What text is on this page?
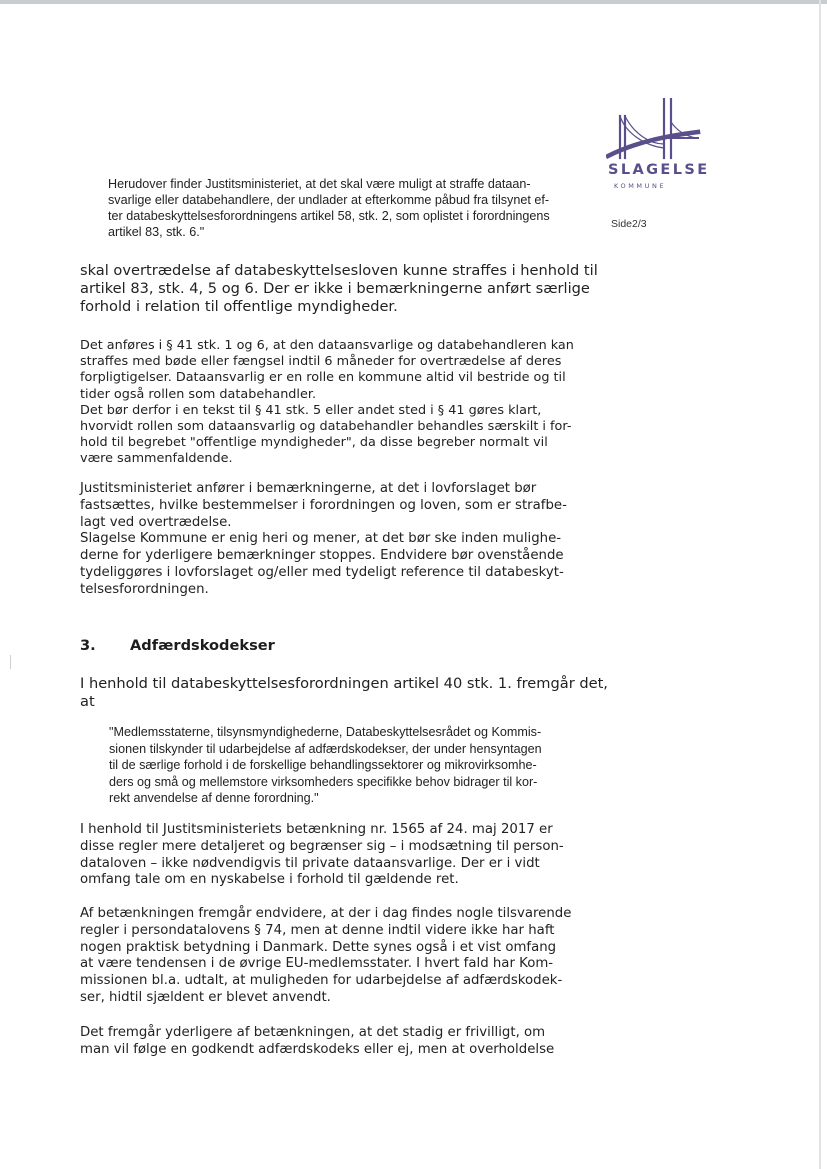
SLAGELSE
KOMMUNE
Side2/3

Herudover finder Justitsministeriet, at det skal være muligt at straffe dataan-
svarlige eller databehandlere, der undlader at efterkomme påbud fra tilsynet ef-
ter databeskyttelsesforordningens artikel 58, stk. 2, som oplistet i forordningens
artikel 83, stk. 6."

skal overtrædelse af databeskyttelsesloven kunne straffes i henhold til
artikel 83, stk. 4, 5 og 6. Der er ikke i bemærkningerne anført særlige
forhold i relation til offentlige myndigheder.

Det anføres i § 41 stk. 1 og 6, at den dataansvarlige og databehandleren kan
straffes med bøde eller fængsel indtil 6 måneder for overtrædelse af deres
forpligtigelser. Dataansvarlig er en rolle en kommune altid vil bestride og til
tider også rollen som databehandler.
Det bør derfor i en tekst til § 41 stk. 5 eller andet sted i § 41 gøres klart,
hvorvidt rollen som dataansvarlig og databehandler behandles særskilt i for-
hold til begrebet "offentlige myndigheder", da disse begreber normalt vil
være sammenfaldende.

Justitsministeriet anfører i bemærkningerne, at det i lovforslaget bør
fastsættes, hvilke bestemmelser i forordningen og loven, som er strafbe-
lagt ved overtrædelse.
Slagelse Kommune er enig heri og mener, at det bør ske inden mulighe-
derne for yderligere bemærkninger stoppes. Endvidere bør ovenstående
tydeliggøres i lovforslaget og/eller med tydeligt reference til databeskyt-
telsesforordningen.

3. Adfærdskodekser

I henhold til databeskyttelsesforordningen artikel 40 stk. 1. fremgår det,
at

"Medlemsstaterne, tilsynsmyndighederne, Databeskyttelsesrådet og Kommis-
sionen tilskynder til udarbejdelse af adfærdskodekser, der under hensyntagen
til de særlige forhold i de forskellige behandlingssektorer og mikrovirksomhe-
ders og små og mellemstore virksomheders specifikke behov bidrager til kor-
rekt anvendelse af denne forordning."

I henhold til Justitsministeriets betænkning nr. 1565 af 24. maj 2017 er
disse regler mere detaljeret og begrænser sig – i modsætning til person-
dataloven – ikke nødvendigvis til private dataansvarlige. Der er i vidt
omfang tale om en nyskabelse i forhold til gældende ret.

Af betænkningen fremgår endvidere, at der i dag findes nogle tilsvarende
regler i persondatalovens § 74, men at denne indtil videre ikke har haft
nogen praktisk betydning i Danmark. Dette synes også i et vist omfang
at være tendensen i de øvrige EU-medlemsstater. I hvert fald har Kom-
missionen bl.a. udtalt, at muligheden for udarbejdelse af adfærdskodek-
ser, hidtil sjældent er blevet anvendt.

Det fremgår yderligere af betænkningen, at det stadig er frivilligt, om
man vil følge en godkendt adfærdskodeks eller ej, men at overholdelse
